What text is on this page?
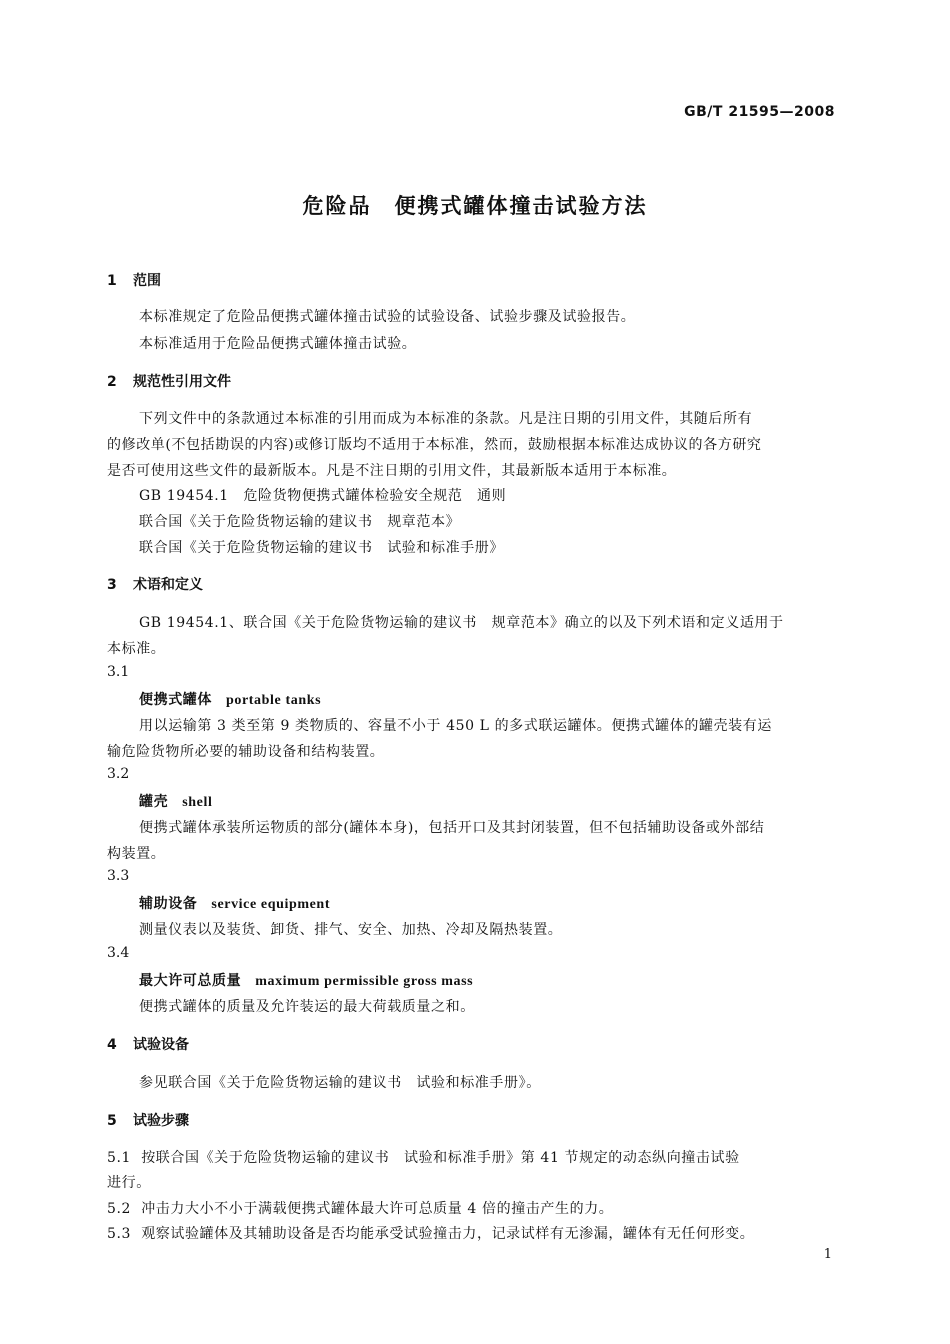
GB/T 21595—2008
危险品　便携式罐体撞击试验方法
1 范围
本标准规定了危险品便携式罐体撞击试验的试验设备、试验步骤及试验报告。
本标准适用于危险品便携式罐体撞击试验。
2 规范性引用文件
下列文件中的条款通过本标准的引用而成为本标准的条款。凡是注日期的引用文件，其随后所有
的修改单(不包括勘误的内容)或修订版均不适用于本标准，然而，鼓励根据本标准达成协议的各方研究
是否可使用这些文件的最新版本。凡是不注日期的引用文件，其最新版本适用于本标准。
GB 19454.1　危险货物便携式罐体检验安全规范　通则
联合国《关于危险货物运输的建议书　规章范本》
联合国《关于危险货物运输的建议书　试验和标准手册》
3 术语和定义
GB 19454.1、联合国《关于危险货物运输的建议书　规章范本》确立的以及下列术语和定义适用于
本标准。
3.1
便携式罐体 portable tanks
用以运输第 3 类至第 9 类物质的、容量不小于 450 L 的多式联运罐体。便携式罐体的罐壳装有运
输危险货物所必要的辅助设备和结构装置。
3.2
罐壳 shell
便携式罐体承装所运物质的部分(罐体本身)，包括开口及其封闭装置，但不包括辅助设备或外部结
构装置。
3.3
辅助设备 service equipment
测量仪表以及装货、卸货、排气、安全、加热、冷却及隔热装置。
3.4
最大许可总质量 maximum permissible gross mass
便携式罐体的质量及允许装运的最大荷载质量之和。
4 试验设备
参见联合国《关于危险货物运输的建议书　试验和标准手册》。
5 试验步骤
5.1 按联合国《关于危险货物运输的建议书　试验和标准手册》第 41 节规定的动态纵向撞击试验
进行。
5.2 冲击力大小不小于满载便携式罐体最大许可总质量 4 倍的撞击产生的力。
5.3 观察试验罐体及其辅助设备是否均能承受试验撞击力，记录试样有无渗漏，罐体有无任何形变。
1
